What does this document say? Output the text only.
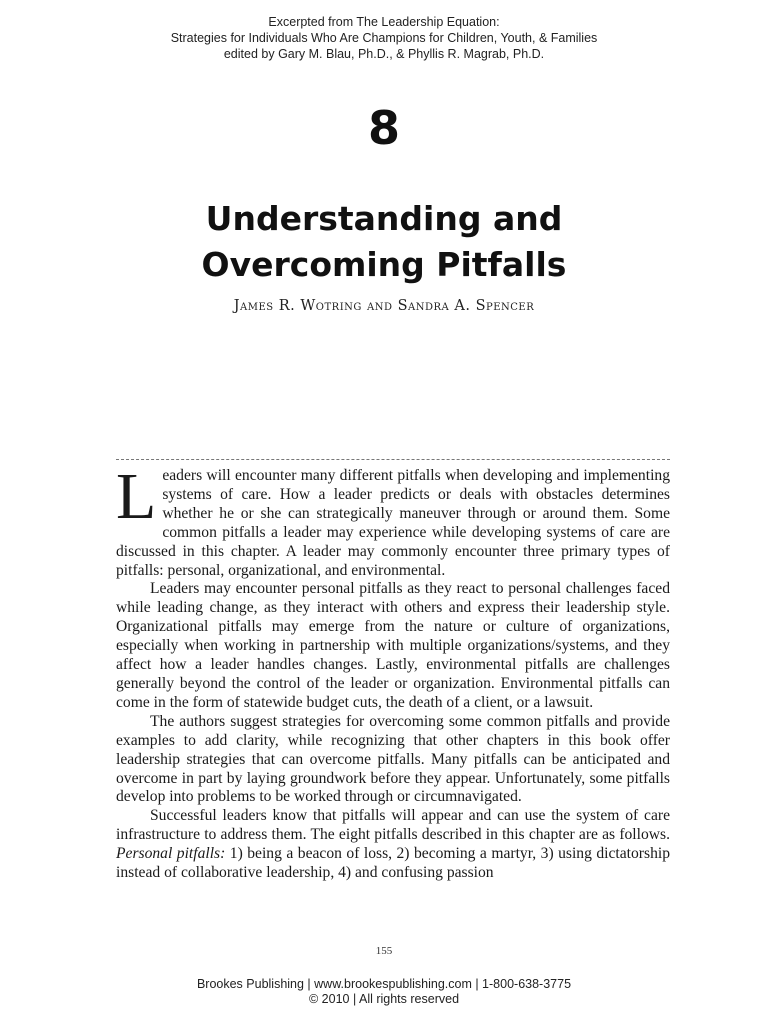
Excerpted from The Leadership Equation:
Strategies for Individuals Who Are Champions for Children, Youth, & Families
edited by Gary M. Blau, Ph.D., & Phyllis R. Magrab, Ph.D.
8
Understanding and
Overcoming Pitfalls
James R. Wotring and Sandra A. Spencer

Leaders will encounter many different pitfalls when developing and implementing systems of care. How a leader predicts or deals with obstacles determines whether he or she can strategically maneuver through or around them. Some common pitfalls a leader may experience while developing systems of care are discussed in this chapter. A leader may commonly encounter three primary types of pitfalls: personal, organizational, and environmental.

Leaders may encounter personal pitfalls as they react to personal challenges faced while leading change, as they interact with others and express their leadership style. Organizational pitfalls may emerge from the nature or culture of organizations, especially when working in partnership with multiple organizations/systems, and they affect how a leader handles changes. Lastly, environmental pitfalls are challenges generally beyond the control of the leader or organization. Environmental pitfalls can come in the form of statewide budget cuts, the death of a client, or a lawsuit.

The authors suggest strategies for overcoming some common pitfalls and provide examples to add clarity, while recognizing that other chapters in this book offer leadership strategies that can overcome pitfalls. Many pitfalls can be anticipated and overcome in part by laying groundwork before they appear. Unfortunately, some pitfalls develop into problems to be worked through or circumnavigated.

Successful leaders know that pitfalls will appear and can use the system of care infrastructure to address them. The eight pitfalls described in this chapter are as follows. Personal pitfalls: 1) being a beacon of loss, 2) becoming a martyr, 3) using dictatorship instead of collaborative leadership, 4) and confusing passion

155
Brookes Publishing | www.brookespublishing.com | 1-800-638-3775
© 2010 | All rights reserved
